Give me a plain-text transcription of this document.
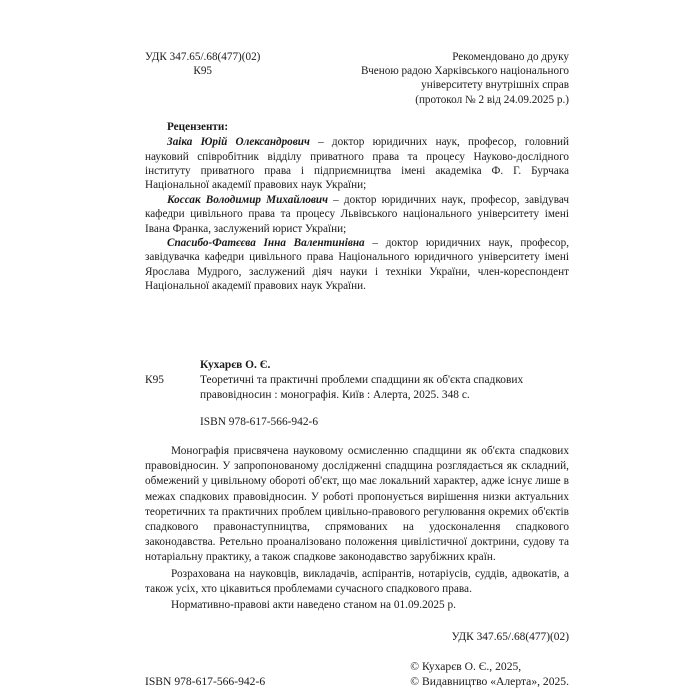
УДК 347.65/.68(477)(02)
К95
Рекомендовано до друку
Вченою радою Харківського національного
університету внутрішніх справ
(протокол № 2 від 24.09.2025 р.)
Рецензенти:
Заіка Юрій Олександрович – доктор юридичних наук, професор, головний науковий співробітник відділу приватного права та процесу Науково-дослідного інституту приватного права і підприємництва імені академіка Ф. Г. Бурчака Національної академії правових наук України;
Коссак Володимир Михайлович – доктор юридичних наук, професор, завідувач кафедри цивільного права та процесу Львівського національного університету імені Івана Франка, заслужений юрист України;
Спасибо-Фатєєва Інна Валентинівна – доктор юридичних наук, професор, завідувачка кафедри цивільного права Національного юридичного університету імені Ярослава Мудрого, заслужений діяч науки і техніки України, член-кореспондент Національної академії правових наук України.
Кухарєв О. Є.
К95	Теоретичні та практичні проблеми спадщини як об'єкта спадкових правовідносин : монографія. Київ : Алерта, 2025. 348 с.
ISBN 978-617-566-942-6

Монографія присвячена науковому осмисленню спадщини як об'єкта спадкових правовідносин. У запропонованому дослідженні спадщина розглядається як складний, обмежений у цивільному обороті об'єкт, що має локальний характер, адже існує лише в межах спадкових правовідносин. У роботі пропонується вирішення низки актуальних теоретичних та практичних проблем цивільно-правового регулювання окремих об'єктів спадкового правонаступництва, спрямованих на удосконалення спадкового законодавства. Ретельно проаналізовано положення цивілістичної доктрини, судову та нотаріальну практику, а також спадкове законодавство зарубіжних країн.

Розрахована на науковців, викладачів, аспірантів, нотаріусів, суддів, адвокатів, а також усіх, хто цікавиться проблемами сучасного спадкового права.

Нормативно-правові акти наведено станом на 01.09.2025 р.

УДК 347.65/.68(477)(02)
ISBN 978-617-566-942-6
© Кухарєв О. Є., 2025,
© Видавництво «Алерта», 2025.
